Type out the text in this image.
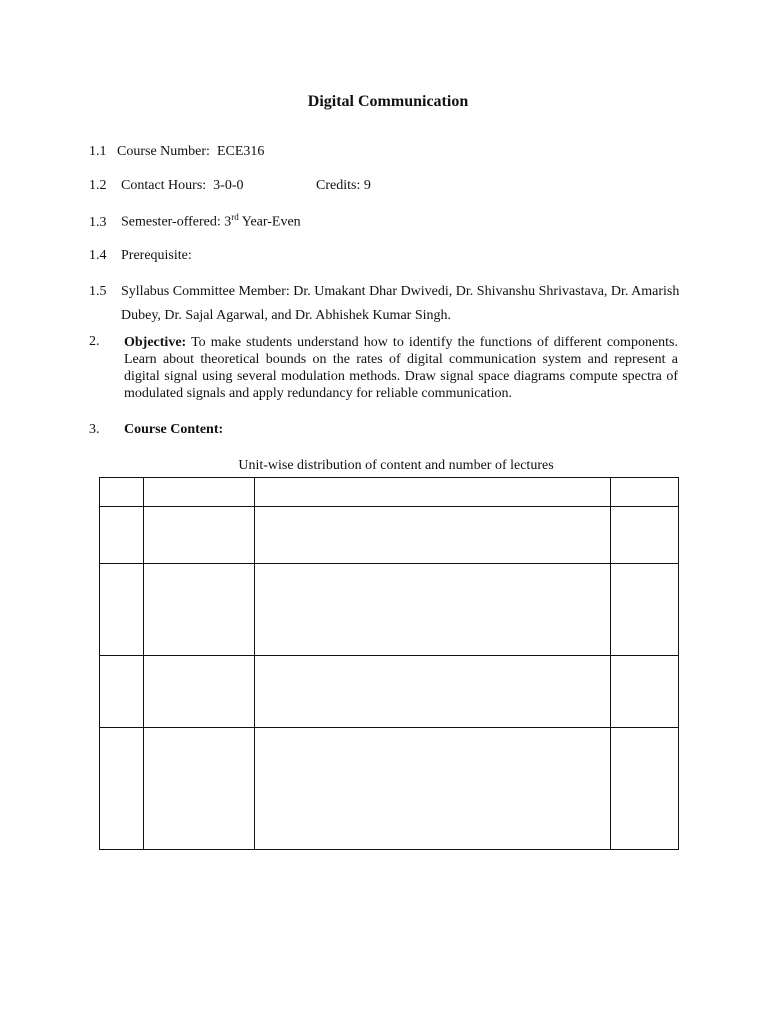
Digital Communication
1.1 Course Number: ECE316
1.2 Contact Hours: 3-0-0	Credits: 9
1.3 Semester-offered: 3rd Year-Even
1.4 Prerequisite:
1.5 Syllabus Committee Member: Dr. Umakant Dhar Dwivedi, Dr. Shivanshu Shrivastava, Dr. Amarish
Dubey, Dr. Sajal Agarwal, and Dr. Abhishek Kumar Singh.
2. Objective: To make students understand how to identify the functions of different components. Learn about theoretical bounds on the rates of digital communication system and represent a digital signal using several modulation methods. Draw signal space diagrams compute spectra of modulated signals and apply redundancy for reliable communication.
3. Course Content:
Unit-wise distribution of content and number of lectures
